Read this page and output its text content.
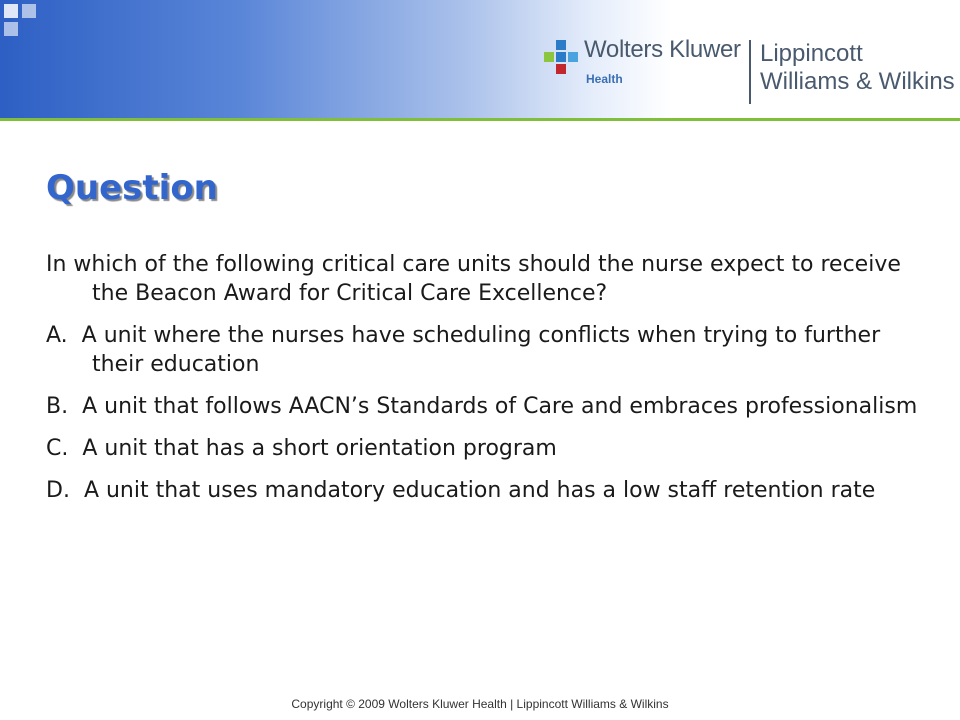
Wolters Kluwer
Health
Lippincott
Williams & Wilkins
Question

In which of the following critical care units should the nurse expect to receive the Beacon Award for Critical Care Excellence?

A. A unit where the nurses have scheduling conflicts when trying to further their education

B. A unit that follows AACN’s Standards of Care and embraces professionalism

C. A unit that has a short orientation program

D. A unit that uses mandatory education and has a low staff retention rate

Copyright © 2009 Wolters Kluwer Health | Lippincott Williams & Wilkins
